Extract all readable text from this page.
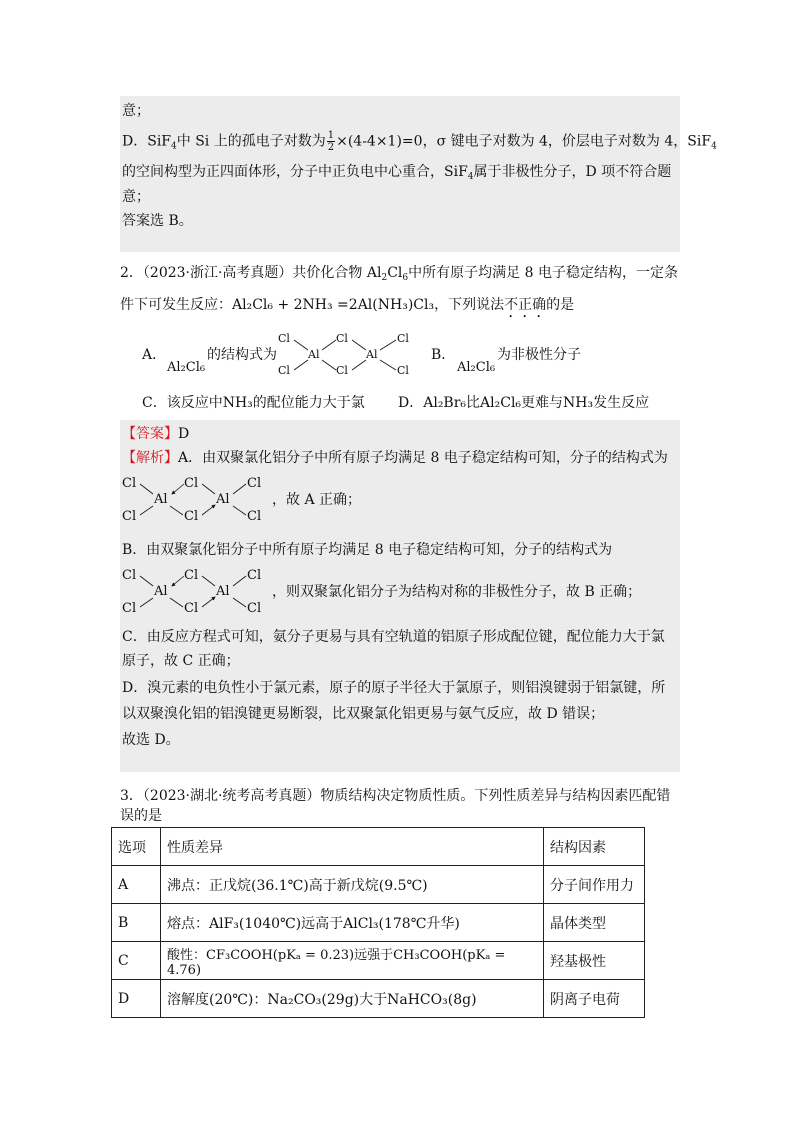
意；
D．SiF$_4$中 Si 上的孤电子对数为 $\frac{1}{2} \times(4-4\times 1)=0$，σ 键电子对数为 4，价层电子对数为 4，SiF$_4$
的空间构型为正四面体形，分子中正负电中心重合，SiF$_4$属于非极性分子，D 项不符合题
意；
答案选 B。
2．（2023·浙江·高考真题）共价化合物 $Al_2Cl_6$中所有原子均满足 8 电子稳定结构，一定条
件下可发生反应：Al₂Cl₆ + 2NH₃ =2Al(NH₃)Cl₃，下列说法不正确的是
A．
Al₂Cl₆
的结构式为
Cl
Cl
Al
Cl
Cl
Al
Cl
Cl
B．
Al₂Cl₆
为非极性分子
C．该反应中NH₃的配位能力大于氯 D．Al₂Br₆比Al₂Cl₆更难与NH₃发生反应
【答案】D
【解析】A．由双聚氯化铝分子中所有原子均满足 8 电子稳定结构可知，分子的结构式为
Cl
Cl
Al
Cl
Cl
Al
Cl
Cl
，故 A 正确；
B．由双聚氯化铝分子中所有原子均满足 8 电子稳定结构可知，分子的结构式为
Cl
Cl
Al
Cl
Cl
Al
Cl
Cl
，则双聚氯化铝分子为结构对称的非极性分子，故 B 正确；
C．由反应方程式可知，氨分子更易与具有空轨道的铝原子形成配位键，配位能力大于氯
原子，故 C 正确；
D．溴元素的电负性小于氯元素，原子的原子半径大于氯原子，则铝溴键弱于铝氯键，所
以双聚溴化铝的铝溴键更易断裂，比双聚氯化铝更易与氨气反应，故 D 错误；
故选 D。
3．（2023·湖北·统考高考真题）物质结构决定物质性质。下列性质差异与结构因素匹配错
误的是
选项	性质差异	结构因素
A	沸点：正戊烷(36.1℃)高于新戊烷(9.5℃)	分子间作用力
B	熔点：AlF₃(1040℃)远高于AlCl₃(178℃升华)	晶体类型
C	酸性：CF₃COOH(pKₐ = 0.23)远强于CH₃COOH(pKₐ = 4.76)	羟基极性
D	溶解度(20℃)：Na₂CO₃(29g)大于NaHCO₃(8g)	阴离子电荷
